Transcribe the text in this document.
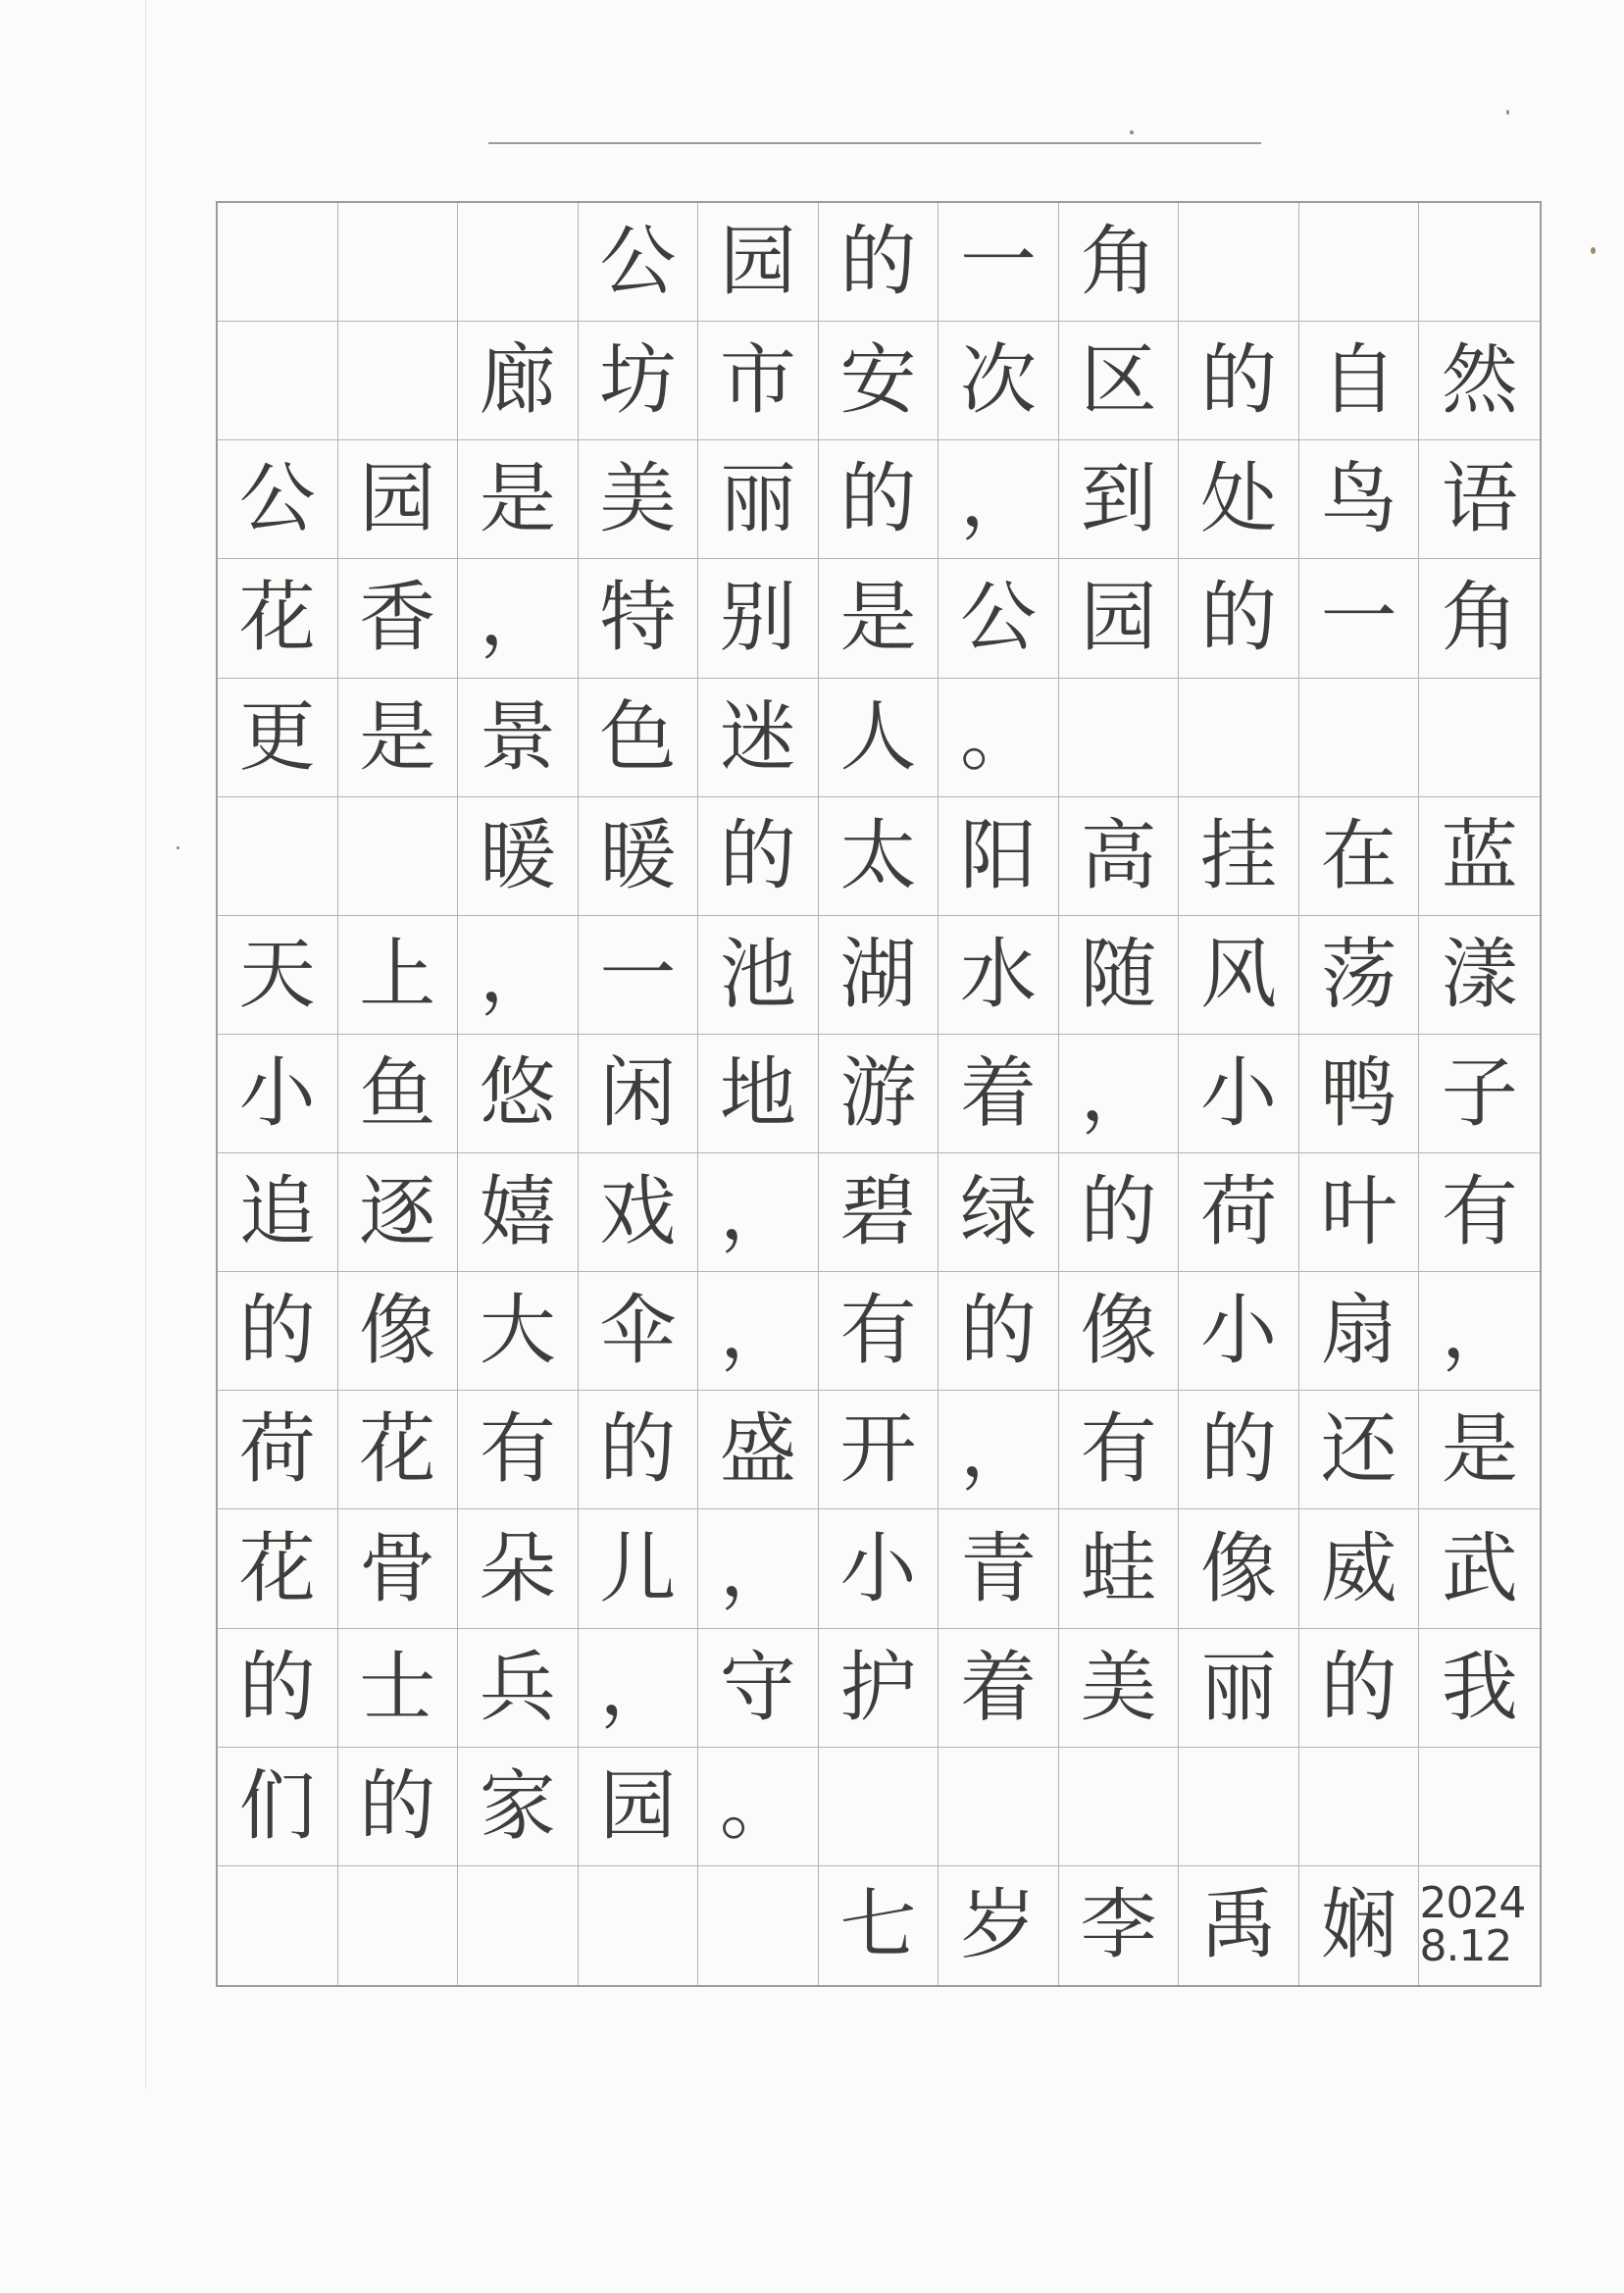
公 园 的 一 角
廊 坊 市 安 次 区 的 自 然
公 园 是 美 丽 的 ， 到 处 鸟 语
花 香 ， 特 别 是 公 园 的 一 角
更 是 景 色 迷 人 。
暖 暖 的 太 阳 高 挂 在 蓝
天 上 ， 一 池 湖 水 随 风 荡 漾
小 鱼 悠 闲 地 游 着 ， 小 鸭 子
追 逐 嬉 戏 ， 碧 绿 的 荷 叶 有
的 像 大 伞 ， 有 的 像 小 扇 ，
荷 花 有 的 盛 开 ， 有 的 还 是
花 骨 朵 儿 ， 小 青 蛙 像 威 武
的 士 兵 ， 守 护 着 美 丽 的 我
们 的 家 园 。
七 岁 李 禹 娴 2024 8.12
